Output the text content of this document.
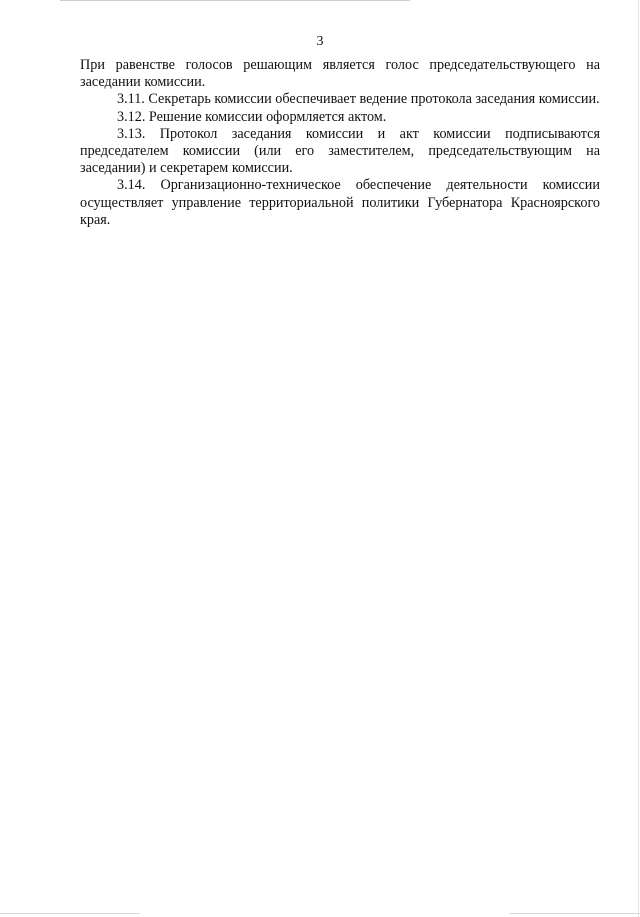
3

При равенстве голосов решающим является голос председательствующего на заседании комиссии.

3.11. Секретарь комиссии обеспечивает ведение протокола заседания комиссии.

3.12. Решение комиссии оформляется актом.

3.13. Протокол заседания комиссии и акт комиссии подписываются председателем комиссии (или его заместителем, председательствующим на заседании) и секретарем комиссии.

3.14. Организационно-техническое обеспечение деятельности комиссии осуществляет управление территориальной политики Губернатора Красноярского края.
